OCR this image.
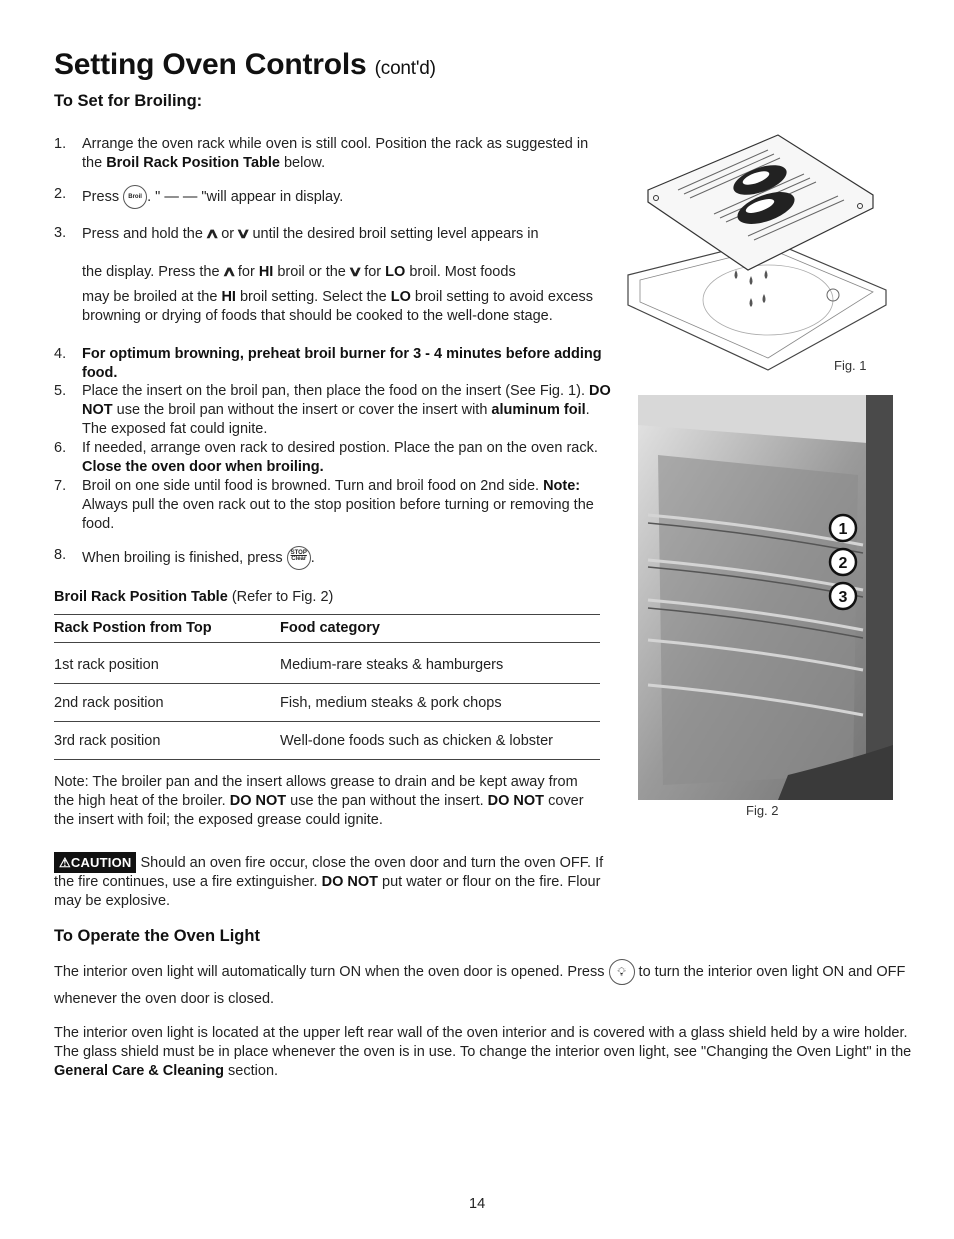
Setting Oven Controls (cont'd)
To Set for Broiling:
1. Arrange the oven rack while oven is still cool. Position the rack as suggested in the Broil Rack Position Table below.
2. Press Broil . " — — "will appear in display.
3. Press and hold the ∧ or ∨ until the desired broil setting level appears in
the display. Press the ∧ for HI broil or the ∨ for LO broil. Most foods
may be broiled at the HI broil setting. Select the LO broil setting to avoid excess browning or drying of foods that should be cooked to the well-done stage.
4. For optimum browning, preheat broil burner for 3 - 4 minutes before adding food.
5. Place the insert on the broil pan, then place the food on the insert (See Fig. 1). DO NOT use the broil pan without the insert or cover the insert with aluminum foil. The exposed fat could ignite.
6. If needed, arrange oven rack to desired postion. Place the pan on the oven rack. Close the oven door when broiling.
7. Broil on one side until food is browned. Turn and broil food on 2nd side. Note: Always pull the oven rack out to the stop position before turning or removing the food.
8. When broiling is finished, press	STOP
Clear .
Broil Rack Position Table (Refer to Fig. 2)
Rack Postion from Top	Food category
1st rack position	Medium-rare steaks & hamburgers
2nd rack position	Fish, medium steaks & pork chops
3rd rack position	Well-done foods such as chicken & lobster
Note: The broiler pan and the insert allows grease to drain and be kept away from the high heat of the broiler. DO NOT use the pan without the insert. DO NOT cover the insert with foil; the exposed grease could ignite.
⚠CAUTION Should an oven fire occur, close the oven door and turn the oven OFF. If the fire continues, use a fire extinguisher. DO NOT put water or flour on the fire. Flour may be explosive.
To Operate the Oven Light
The interior oven light will automatically turn ON when the oven door is opened. Press 💡︎ to turn the interior oven light ON and OFF whenever the oven door is closed.
The interior oven light is located at the upper left rear wall of the oven interior and is covered with a glass shield held by a wire holder. The glass shield must be in place whenever the oven is in use. To change the interior oven light, see "Changing the Oven Light" in the General Care & Cleaning section.
Fig. 1
1
2
3
Fig. 2
14
